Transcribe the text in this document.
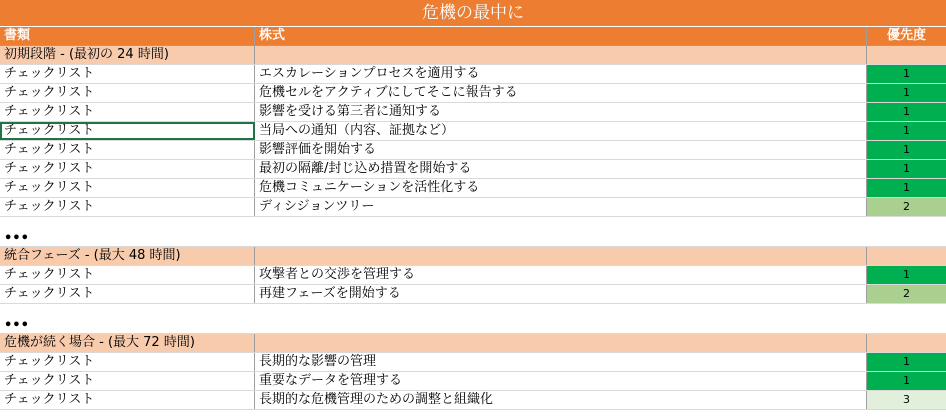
危機の最中に
書類	株式	優先度
初期段階 - (最初の 24 時間)
チェックリスト	エスカレーションプロセスを適用する	1
チェックリスト	危機セルをアクティブにしてそこに報告する	1
チェックリスト	影響を受ける第三者に通知する	1
チェックリスト	当局への通知（内容、証拠など）	1
チェックリスト	影響評価を開始する	1
チェックリスト	最初の隔離/封じ込め措置を開始する	1
チェックリスト	危機コミュニケーションを活性化する	1
チェックリスト	ディシジョンツリー	2
•••
統合フェーズ - (最大 48 時間)
チェックリスト	攻撃者との交渉を管理する	1
チェックリスト	再建フェーズを開始する	2
•••
危機が続く場合 - (最大 72 時間)
チェックリスト	長期的な影響の管理	1
チェックリスト	重要なデータを管理する	1
チェックリスト	長期的な危機管理のための調整と組織化	3
